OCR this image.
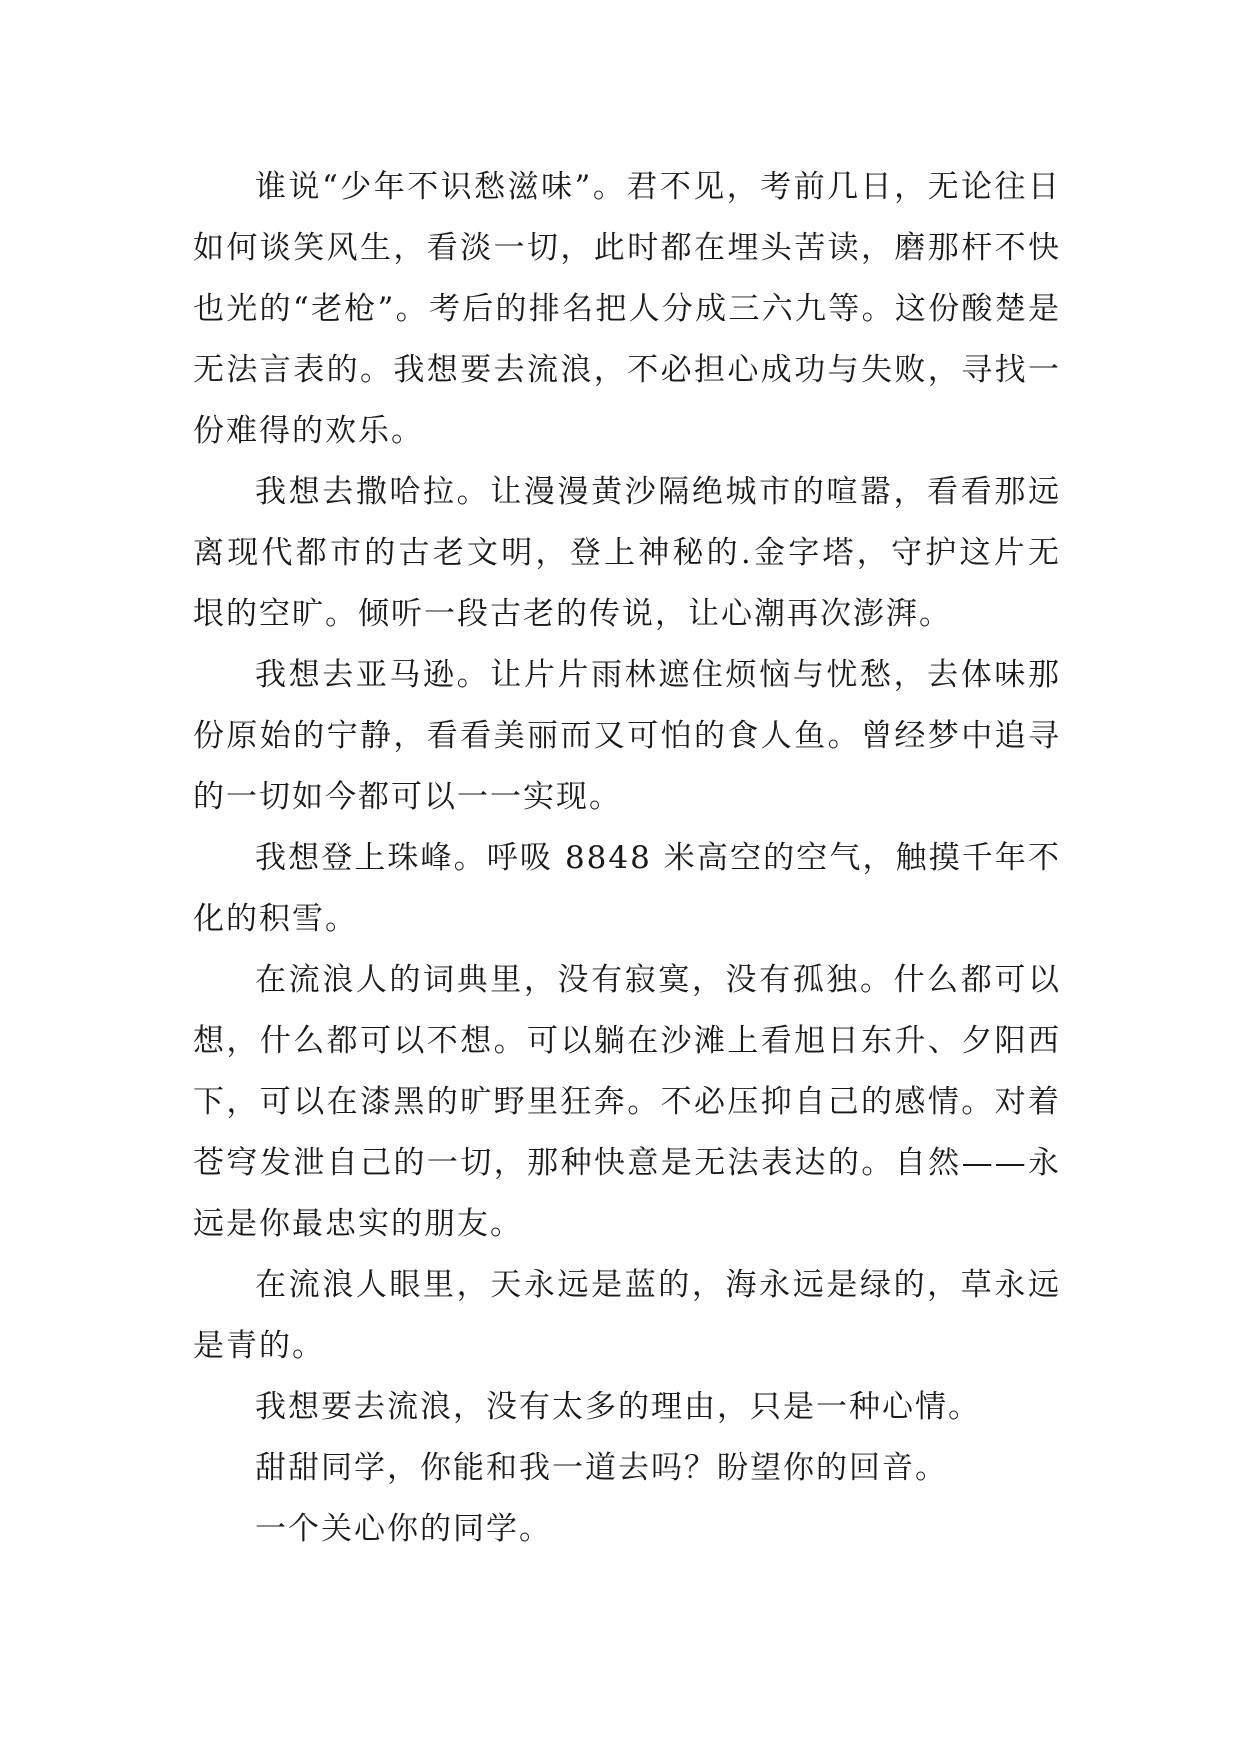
谁说“少年不识愁滋味”。君不见，考前几日，无论往日如何谈笑风生，看淡一切，此时都在埋头苦读，磨那杆不快也光的“老枪”。考后的排名把人分成三六九等。这份酸楚是无法言表的。我想要去流浪，不必担心成功与失败，寻找一份难得的欢乐。

我想去撒哈拉。让漫漫黄沙隔绝城市的喧嚣，看看那远离现代都市的古老文明，登上神秘的.金字塔，守护这片无垠的空旷。倾听一段古老的传说，让心潮再次澎湃。

我想去亚马逊。让片片雨林遮住烦恼与忧愁，去体味那份原始的宁静，看看美丽而又可怕的食人鱼。曾经梦中追寻的一切如今都可以一一实现。

我想登上珠峰。呼吸 8848 米高空的空气，触摸千年不化的积雪。

在流浪人的词典里，没有寂寞，没有孤独。什么都可以想，什么都可以不想。可以躺在沙滩上看旭日东升、夕阳西下，可以在漆黑的旷野里狂奔。不必压抑自己的感情。对着苍穹发泄自己的一切，那种快意是无法表达的。自然——永远是你最忠实的朋友。

在流浪人眼里，天永远是蓝的，海永远是绿的，草永远是青的。

我想要去流浪，没有太多的理由，只是一种心情。

甜甜同学，你能和我一道去吗？盼望你的回音。

一个关心你的同学。
